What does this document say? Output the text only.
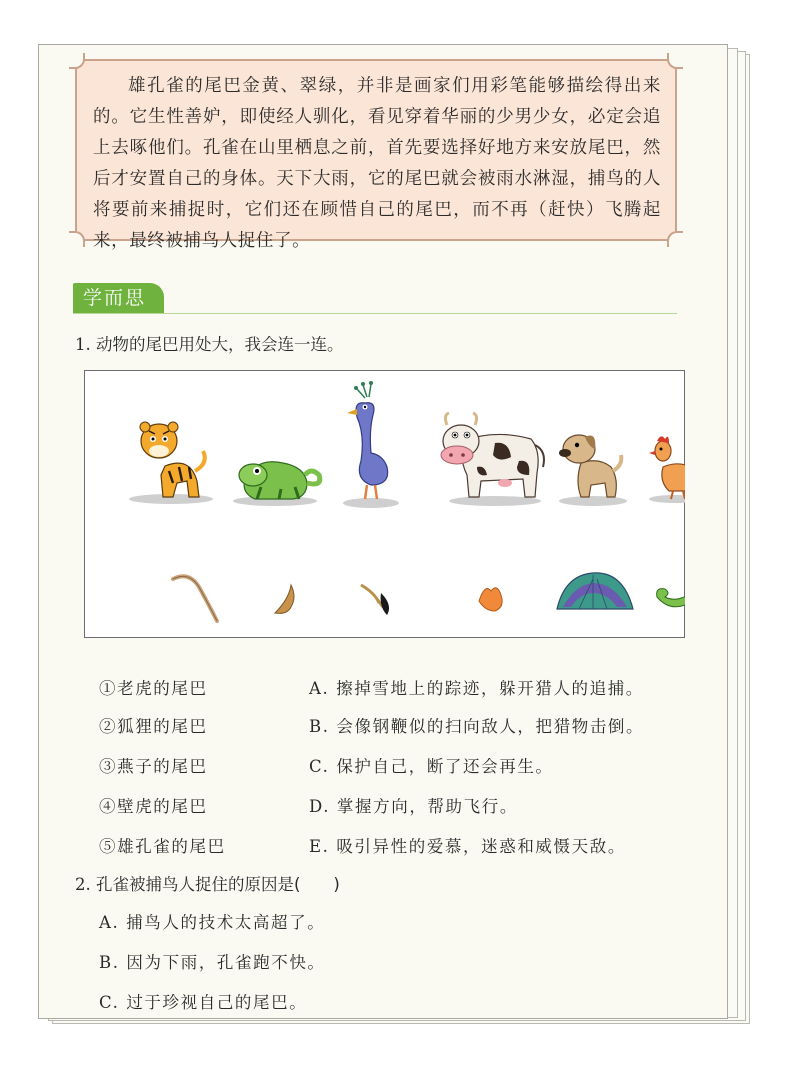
雄孔雀的尾巴金黄、翠绿，并非是画家们用彩笔能够描绘得出来的。它生性善妒，即使经人驯化，看见穿着华丽的少男少女，必定会追上去啄他们。孔雀在山里栖息之前，首先要选择好地方来安放尾巴，然后才安置自己的身体。天下大雨，它的尾巴就会被雨水淋湿，捕鸟的人将要前来捕捉时，它们还在顾惜自己的尾巴，而不再（赶快）飞腾起来，最终被捕鸟人捉住了。
学而思
1. 动物的尾巴用处大，我会连一连。
①老虎的尾巴	A. 擦掉雪地上的踪迹，躲开猎人的追捕。
②狐狸的尾巴	B. 会像钢鞭似的扫向敌人，把猎物击倒。
③燕子的尾巴	C. 保护自己，断了还会再生。
④壁虎的尾巴	D. 掌握方向，帮助飞行。
⑤雄孔雀的尾巴	E. 吸引异性的爱慕，迷惑和威慑天敌。
2. 孔雀被捕鸟人捉住的原因是(　　)
A. 捕鸟人的技术太高超了。
B. 因为下雨，孔雀跑不快。
C. 过于珍视自己的尾巴。
